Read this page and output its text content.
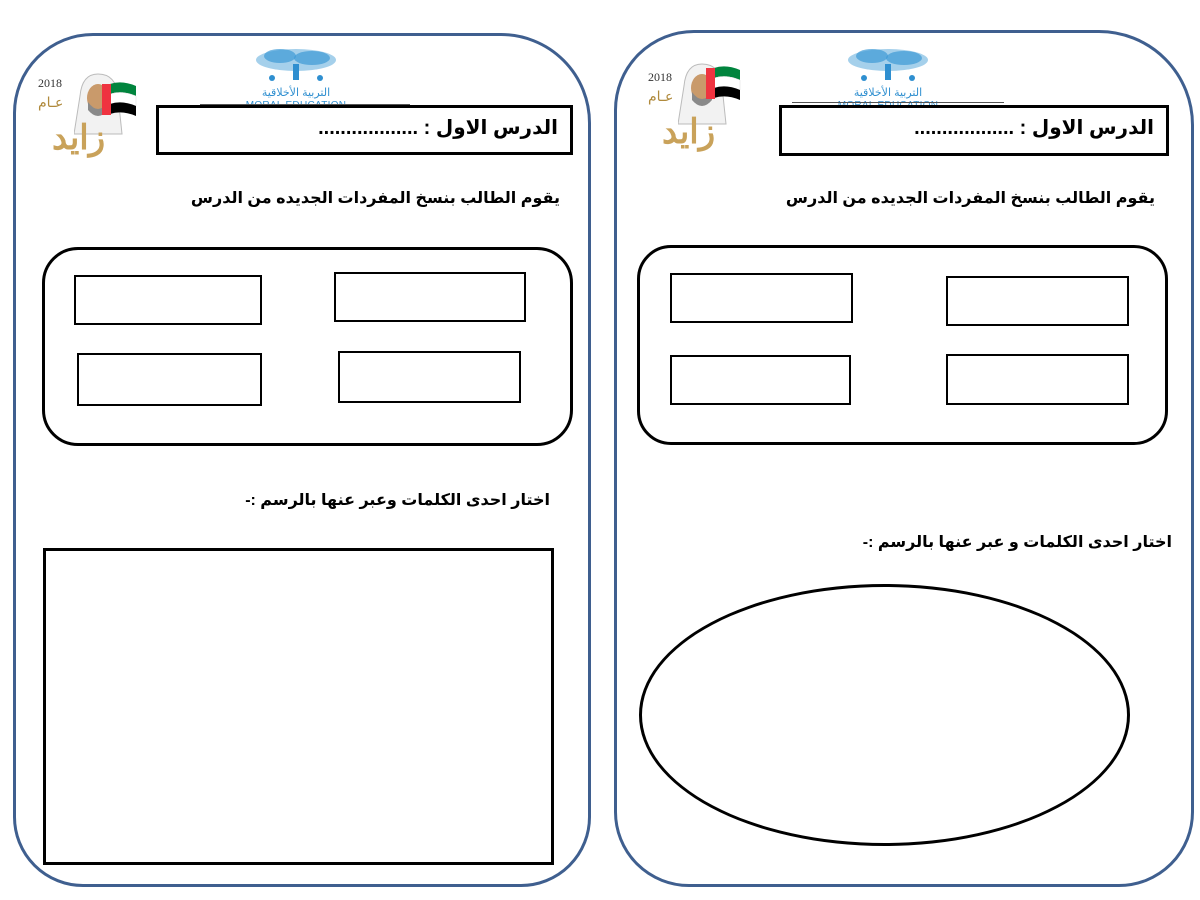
2018
عـام
زايد
التربية الأخلاقية
الدرس الاول : ..................
يقوم الطالب بنسخ المفردات الجديده من الدرس
اختار احدى الكلمات وعبر عنها بالرسم :-
2018
عـام
زايد
التربية الأخلاقية
الدرس الاول : ..................
يقوم الطالب بنسخ المفردات الجديده من الدرس
اختار احدى الكلمات و عبر عنها بالرسم :-
